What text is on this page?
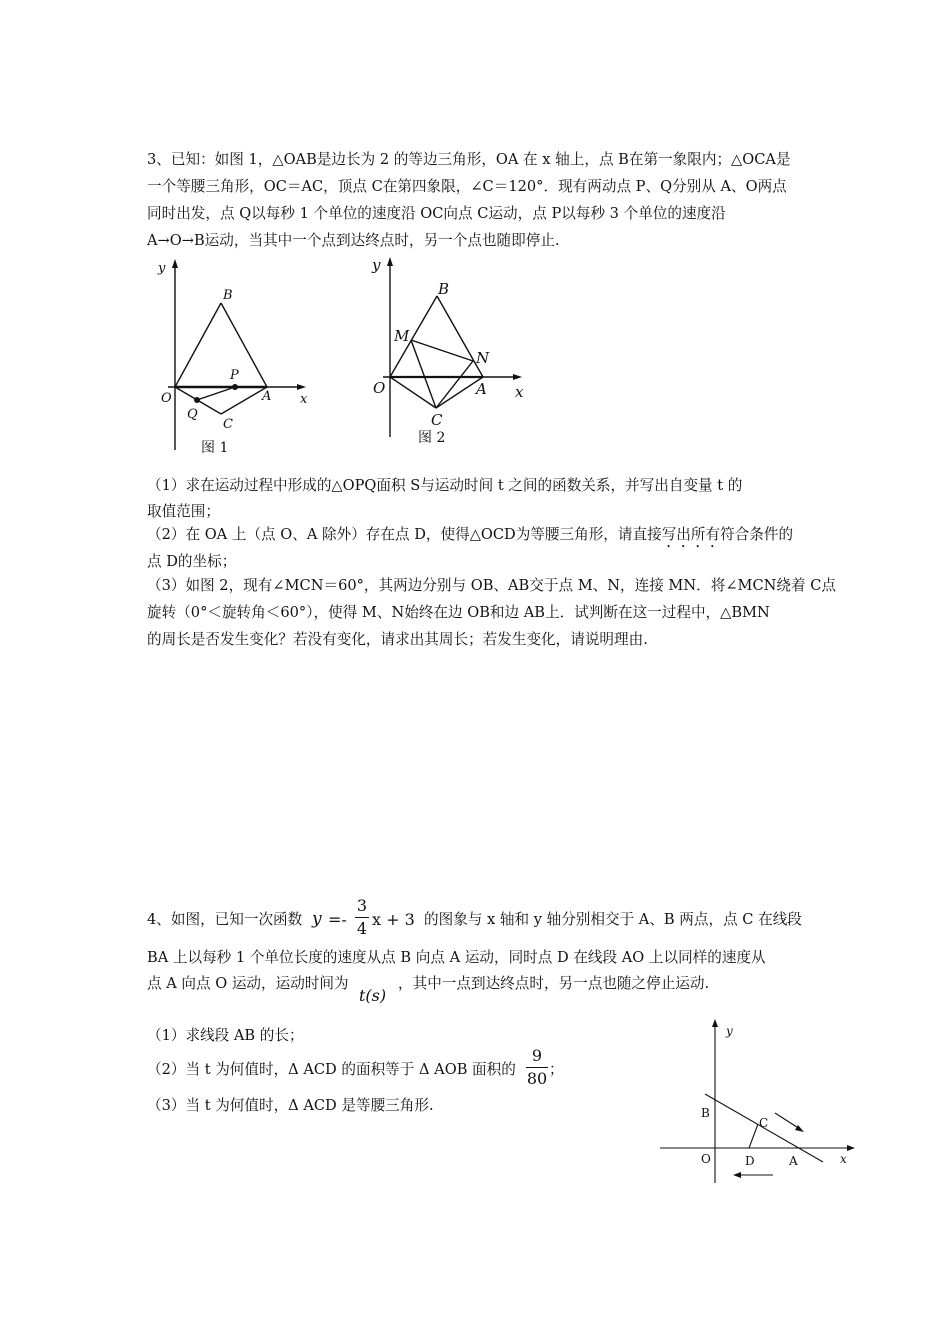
3、已知：如图 1，△OAB是边长为 2 的等边三角形，OA 在 x 轴上，点 B在第一象限内；△OCA是
一个等腰三角形，OC＝AC，顶点 C在第四象限，∠C＝120°．现有两动点 P、Q分别从 A、O两点
同时出发，点 Q以每秒 1 个单位的速度沿 OC向点 C运动，点 P以每秒 3 个单位的速度沿
A→O→B运动，当其中一个点到达终点时，另一个点也随即停止.
y
B
O
P
A x
Q
C
图 1
y
B
M
N
O	A x
C
图 2
（1）求在运动过程中形成的△OPQ面积 S与运动时间 t 之间的函数关系，并写出自变量 t 的
取值范围；
（2）在 OA 上（点 O、A 除外）存在点 D，使得△OCD为等腰三角形，请直接写出所有符合条件的
点 D的坐标；
（3）如图 2，现有∠MCN＝60°，其两边分别与 OB、AB交于点 M、N，连接 MN．将∠MCN绕着 C点
旋转（0°＜旋转角＜60°），使得 M、N始终在边 OB和边 AB上．试判断在这一过程中，△BMN
的周长是否发生变化？若没有变化，请求出其周长；若发生变化，请说明理由.
4、如图，已知一次函数 y =-
3
4 x + 3 的图象与 x 轴和 y 轴分别相交于 A、B 两点，点 C 在线段
BA 上以每秒 1 个单位长度的速度从点 B 向点 A 运动，同时点 D 在线段 AO 上以同样的速度从
点 A 向点 O 运动，运动时间为
t(s)
，其中一点到达终点时，另一点也随之停止运动.
（1）求线段 AB 的长；
（2）当 t 为何值时，Δ ACD 的面积等于 Δ AOB 面积的
9
80 ；
（3）当 t 为何值时，Δ ACD 是等腰三角形.
y
B
C
O	D	A	x
